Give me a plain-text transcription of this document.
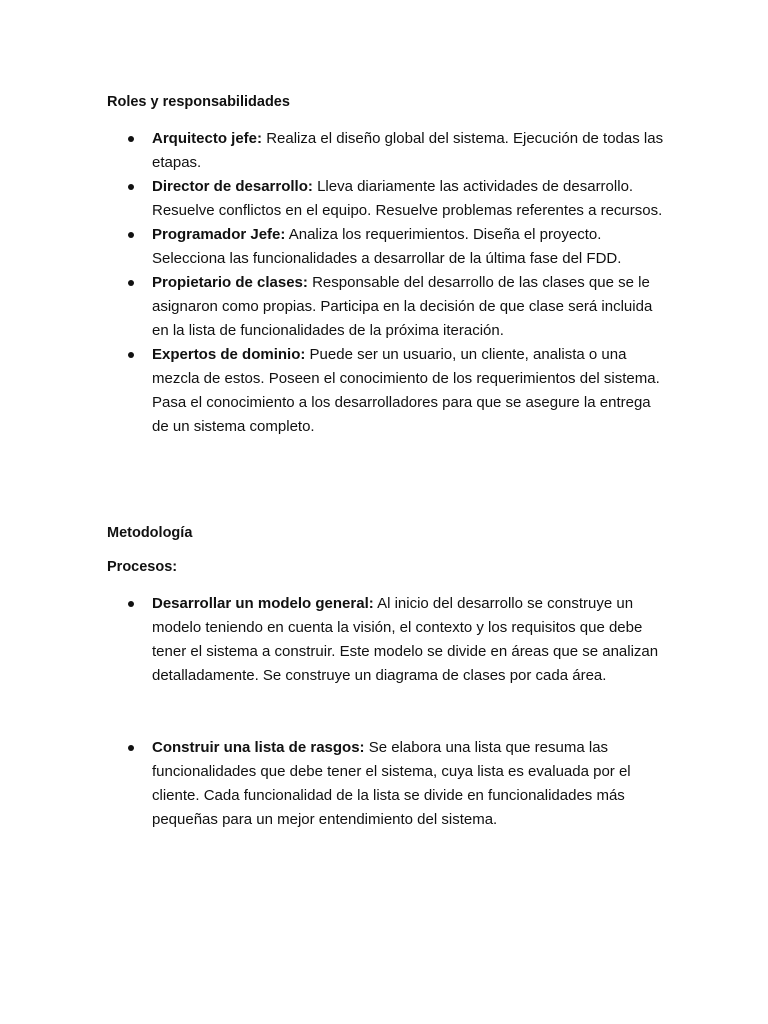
Roles y responsabilidades
Arquitecto jefe: Realiza el diseño global del sistema. Ejecución de todas las etapas.
Director de desarrollo: Lleva diariamente las actividades de desarrollo. Resuelve conflictos en el equipo. Resuelve problemas referentes a recursos.
Programador Jefe: Analiza los requerimientos. Diseña el proyecto. Selecciona las funcionalidades a desarrollar de la última fase del FDD.
Propietario de clases: Responsable del desarrollo de las clases que se le asignaron como propias. Participa en la decisión de que clase será incluida en la lista de funcionalidades de la próxima iteración.
Expertos de dominio: Puede ser un usuario, un cliente, analista o una mezcla de estos. Poseen el conocimiento de los requerimientos del sistema. Pasa el conocimiento a los desarrolladores para que se asegure la entrega de un sistema completo.
Metodología
Procesos:
Desarrollar un modelo general: Al inicio del desarrollo se construye un modelo teniendo en cuenta la visión, el contexto y los requisitos que debe tener el sistema a construir. Este modelo se divide en áreas que se analizan detalladamente. Se construye un diagrama de clases por cada área.
Construir una lista de rasgos: Se elabora una lista que resuma las funcionalidades que debe tener el sistema, cuya lista es evaluada por el cliente. Cada funcionalidad de la lista se divide en funcionalidades más pequeñas para un mejor entendimiento del sistema.
